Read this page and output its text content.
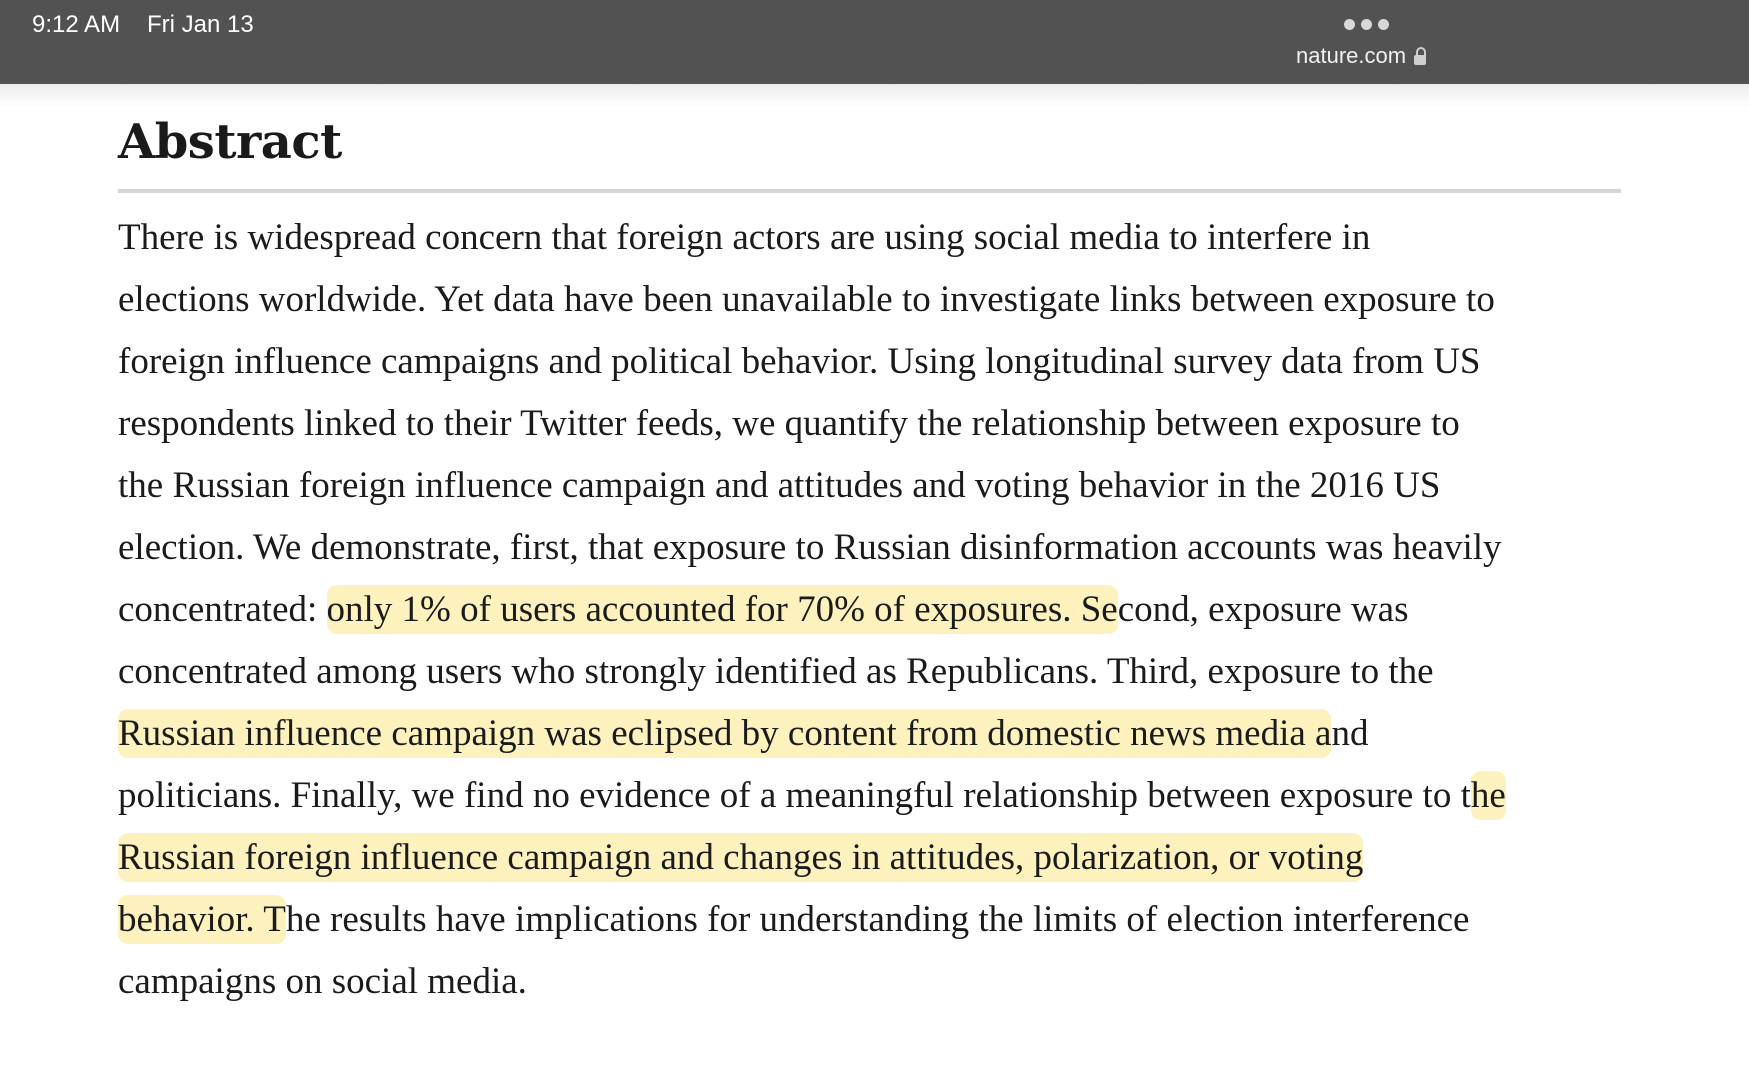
9:12 AM Fri Jan 13
nature.com
Abstract
There is widespread concern that foreign actors are using social media to interfere in
elections worldwide. Yet data have been unavailable to investigate links between exposure to
foreign influence campaigns and political behavior. Using longitudinal survey data from US
respondents linked to their Twitter feeds, we quantify the relationship between exposure to
the Russian foreign influence campaign and attitudes and voting behavior in the 2016 US
election. We demonstrate, first, that exposure to Russian disinformation accounts was heavily
concentrated: only 1% of users accounted for 70% of exposures. Second, exposure was
concentrated among users who strongly identified as Republicans. Third, exposure to the
Russian influence campaign was eclipsed by content from domestic news media and
politicians. Finally, we find no evidence of a meaningful relationship between exposure to the
Russian foreign influence campaign and changes in attitudes, polarization, or voting
behavior. The results have implications for understanding the limits of election interference
campaigns on social media.
